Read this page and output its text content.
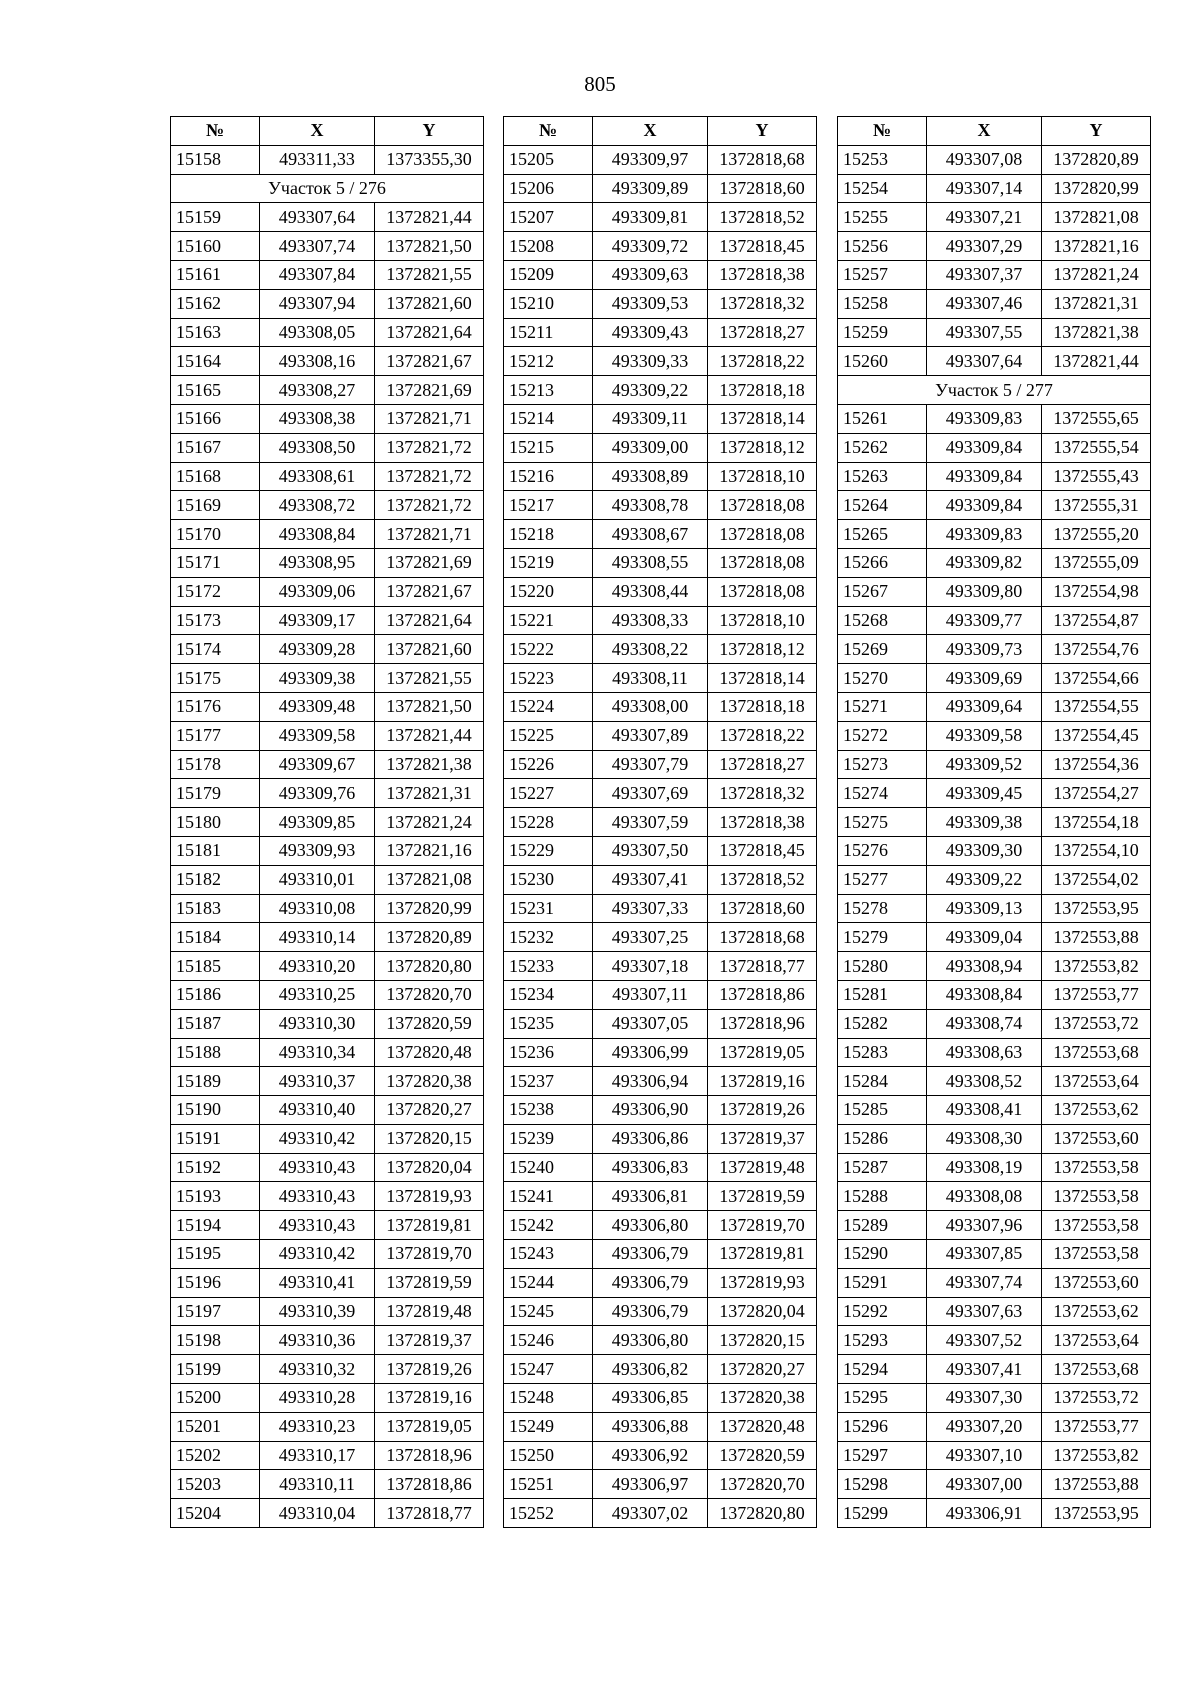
805
№	X	Y
15158	493311,33	1373355,30
Участок 5 / 276		
15159	493307,64	1372821,44
15160	493307,74	1372821,50
15161	493307,84	1372821,55
15162	493307,94	1372821,60
15163	493308,05	1372821,64
15164	493308,16	1372821,67
15165	493308,27	1372821,69
15166	493308,38	1372821,71
15167	493308,50	1372821,72
15168	493308,61	1372821,72
15169	493308,72	1372821,72
15170	493308,84	1372821,71
15171	493308,95	1372821,69
15172	493309,06	1372821,67
15173	493309,17	1372821,64
15174	493309,28	1372821,60
15175	493309,38	1372821,55
15176	493309,48	1372821,50
15177	493309,58	1372821,44
15178	493309,67	1372821,38
15179	493309,76	1372821,31
15180	493309,85	1372821,24
15181	493309,93	1372821,16
15182	493310,01	1372821,08
15183	493310,08	1372820,99
15184	493310,14	1372820,89
15185	493310,20	1372820,80
15186	493310,25	1372820,70
15187	493310,30	1372820,59
15188	493310,34	1372820,48
15189	493310,37	1372820,38
15190	493310,40	1372820,27
15191	493310,42	1372820,15
15192	493310,43	1372820,04
15193	493310,43	1372819,93
15194	493310,43	1372819,81
15195	493310,42	1372819,70
15196	493310,41	1372819,59
15197	493310,39	1372819,48
15198	493310,36	1372819,37
15199	493310,32	1372819,26
15200	493310,28	1372819,16
15201	493310,23	1372819,05
15202	493310,17	1372818,96
15203	493310,11	1372818,86
15204	493310,04	1372818,77
№	X	Y
15205	493309,97	1372818,68
15206	493309,89	1372818,60
15207	493309,81	1372818,52
15208	493309,72	1372818,45
15209	493309,63	1372818,38
15210	493309,53	1372818,32
15211	493309,43	1372818,27
15212	493309,33	1372818,22
15213	493309,22	1372818,18
15214	493309,11	1372818,14
15215	493309,00	1372818,12
15216	493308,89	1372818,10
15217	493308,78	1372818,08
15218	493308,67	1372818,08
15219	493308,55	1372818,08
15220	493308,44	1372818,08
15221	493308,33	1372818,10
15222	493308,22	1372818,12
15223	493308,11	1372818,14
15224	493308,00	1372818,18
15225	493307,89	1372818,22
15226	493307,79	1372818,27
15227	493307,69	1372818,32
15228	493307,59	1372818,38
15229	493307,50	1372818,45
15230	493307,41	1372818,52
15231	493307,33	1372818,60
15232	493307,25	1372818,68
15233	493307,18	1372818,77
15234	493307,11	1372818,86
15235	493307,05	1372818,96
15236	493306,99	1372819,05
15237	493306,94	1372819,16
15238	493306,90	1372819,26
15239	493306,86	1372819,37
15240	493306,83	1372819,48
15241	493306,81	1372819,59
15242	493306,80	1372819,70
15243	493306,79	1372819,81
15244	493306,79	1372819,93
15245	493306,79	1372820,04
15246	493306,80	1372820,15
15247	493306,82	1372820,27
15248	493306,85	1372820,38
15249	493306,88	1372820,48
15250	493306,92	1372820,59
15251	493306,97	1372820,70
15252	493307,02	1372820,80
№	X	Y
15253	493307,08	1372820,89
15254	493307,14	1372820,99
15255	493307,21	1372821,08
15256	493307,29	1372821,16
15257	493307,37	1372821,24
15258	493307,46	1372821,31
15259	493307,55	1372821,38
15260	493307,64	1372821,44
Участок 5 / 277		
15261	493309,83	1372555,65
15262	493309,84	1372555,54
15263	493309,84	1372555,43
15264	493309,84	1372555,31
15265	493309,83	1372555,20
15266	493309,82	1372555,09
15267	493309,80	1372554,98
15268	493309,77	1372554,87
15269	493309,73	1372554,76
15270	493309,69	1372554,66
15271	493309,64	1372554,55
15272	493309,58	1372554,45
15273	493309,52	1372554,36
15274	493309,45	1372554,27
15275	493309,38	1372554,18
15276	493309,30	1372554,10
15277	493309,22	1372554,02
15278	493309,13	1372553,95
15279	493309,04	1372553,88
15280	493308,94	1372553,82
15281	493308,84	1372553,77
15282	493308,74	1372553,72
15283	493308,63	1372553,68
15284	493308,52	1372553,64
15285	493308,41	1372553,62
15286	493308,30	1372553,60
15287	493308,19	1372553,58
15288	493308,08	1372553,58
15289	493307,96	1372553,58
15290	493307,85	1372553,58
15291	493307,74	1372553,60
15292	493307,63	1372553,62
15293	493307,52	1372553,64
15294	493307,41	1372553,68
15295	493307,30	1372553,72
15296	493307,20	1372553,77
15297	493307,10	1372553,82
15298	493307,00	1372553,88
15299	493306,91	1372553,95
